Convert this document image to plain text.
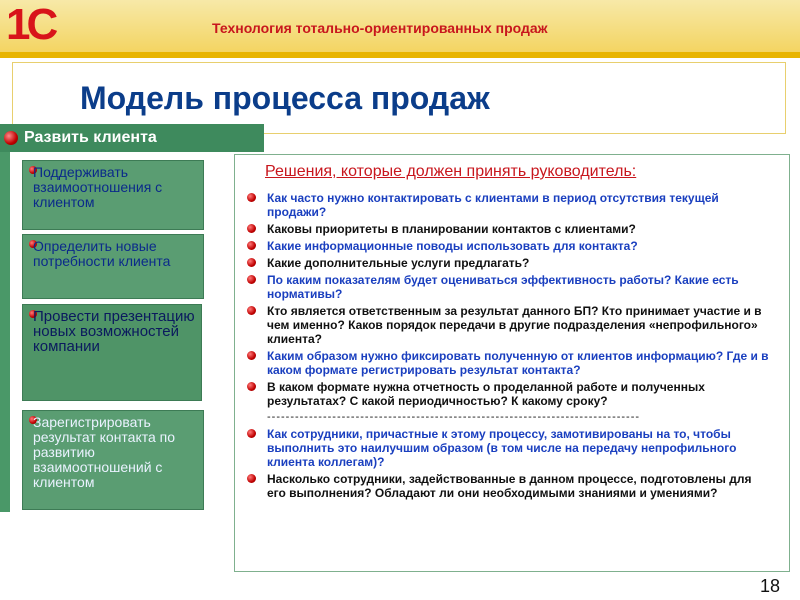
1С	Технология тотально-ориентированных продаж
Модель процесса продаж
Развить клиента
Поддерживать взаимоотношения с клиентом
Определить новые потребности клиента
Провести презентацию новых возможностей компании
Зарегистрировать результат контакта по развитию взаимоотношений с клиентом
Решения, которые должен принять руководитель:
Как часто нужно контактировать с клиентами в период отсутствия текущей продажи?
Каковы приоритеты в планировании контактов с клиентами?
Какие информационные поводы использовать для контакта?
Какие дополнительные услуги предлагать?
По каким показателям будет оцениваться эффективность работы? Какие есть нормативы?
Кто является ответственным за результат данного БП? Кто принимает участие и в чем именно? Каков порядок передачи в другие подразделения «непрофильного» клиента?
Каким образом нужно фиксировать полученную от клиентов информацию? Где и в каком формате регистрировать результат контакта?
В каком формате нужна отчетность о проделанной работе и полученных результатах? С какой периодичностью? К какому сроку?
--------------------------------------------------------------------------------
Как сотрудники, причастные к этому процессу, замотивированы на то, чтобы выполнить это наилучшим образом (в том числе на передачу непрофильного клиента коллегам)?
Насколько сотрудники, задействованные в данном процессе, подготовлены для его выполнения? Обладают ли они необходимыми знаниями и умениями?
18
